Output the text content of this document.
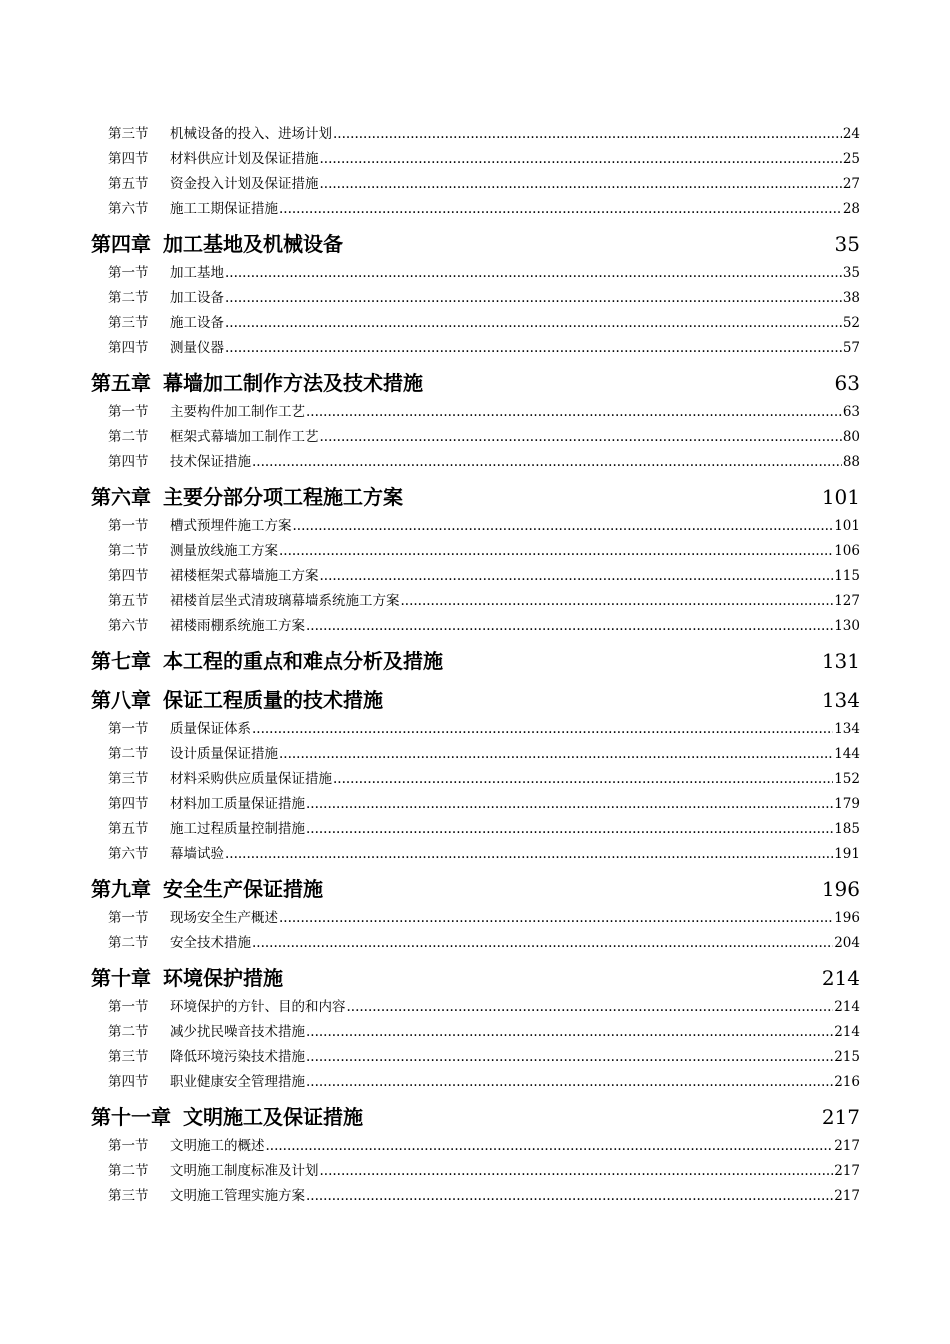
第三节	机械设备的投入、进场计划 .....	24
第四节	材料供应计划及保证措施 .....	25
第五节	资金投入计划及保证措施 .....	27
第六节	施工工期保证措施 .....	28
第四章 加工基地及机械设备	35
第一节	加工基地 .....	35
第二节	加工设备 .....	38
第三节	施工设备 .....	52
第四节	测量仪器 .....	57
第五章 幕墙加工制作方法及技术措施	63
第一节	主要构件加工制作工艺 .....	63
第二节	框架式幕墙加工制作工艺 .....	80
第四节	技术保证措施 .....	88
第六章 主要分部分项工程施工方案	101
第一节	槽式预埋件施工方案 .....	101
第二节	测量放线施工方案 .....	106
第四节	裙楼框架式幕墙施工方案 .....	115
第五节	裙楼首层坐式清玻璃幕墙系统施工方案 .....	127
第六节	裙楼雨棚系统施工方案 .....	130
第七章 本工程的重点和难点分析及措施	131
第八章 保证工程质量的技术措施	134
第一节	质量保证体系 .....	134
第二节	设计质量保证措施 .....	144
第三节	材料采购供应质量保证措施 .....	152
第四节	材料加工质量保证措施 .....	179
第五节	施工过程质量控制措施 .....	185
第六节	幕墙试验 .....	191
第九章 安全生产保证措施	196
第一节	现场安全生产概述 .....	196
第二节	安全技术措施 .....	204
第十章 环境保护措施	214
第一节	环境保护的方针、目的和内容 .....	214
第二节	减少扰民噪音技术措施 .....	214
第三节	降低环境污染技术措施 .....	215
第四节	职业健康安全管理措施 .....	216
第十一章 文明施工及保证措施	217
第一节	文明施工的概述 .....	217
第二节	文明施工制度标准及计划 .....	217
第三节	文明施工管理实施方案 .....	217
